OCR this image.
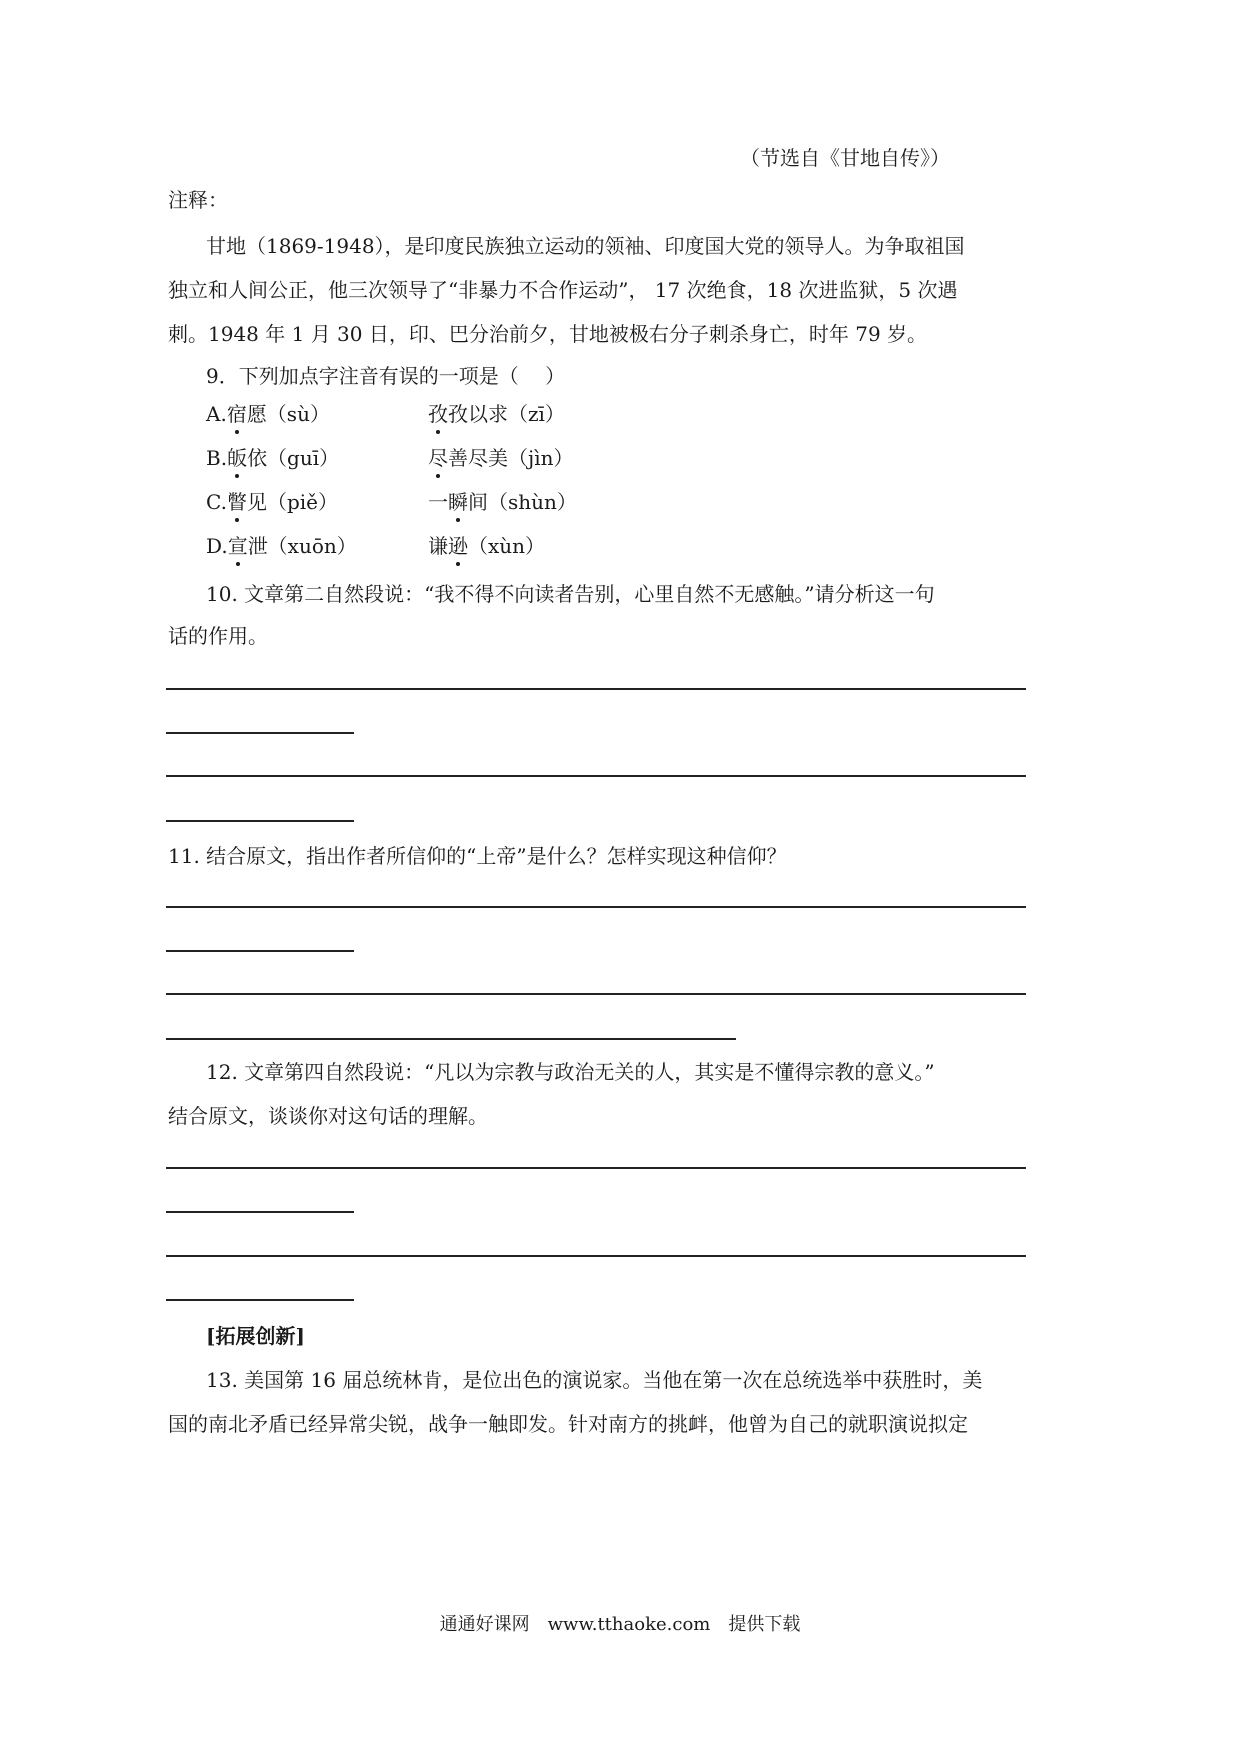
（节选自《甘地自传》）
注释：
甘地（1869-1948），是印度民族独立运动的领袖、印度国大党的领导人。为争取祖国
独立和人间公正，他三次领导了“非暴力不合作运动”， 17 次绝食，18 次进监狱，5 次遇
刺。1948 年 1 月 30 日，印、巴分治前夕，甘地被极右分子刺杀身亡，时年 79 岁。
9．下列加点字注音有误的一项是（　 ）
A.宿愿（sù）	孜孜以求（zī）
B.皈依（guī）	尽善尽美（jìn）
C.瞥见（piě）	一瞬间（shùn）
D.宣泄（xuōn）	谦逊（xùn）
10. 文章第二自然段说：“我不得不向读者告别，心里自然不无感触。”请分析这一句
话的作用。
11. 结合原文，指出作者所信仰的“上帝”是什么？怎样实现这种信仰？
12. 文章第四自然段说：“凡以为宗教与政治无关的人，其实是不懂得宗教的意义。”
结合原文，谈谈你对这句话的理解。
[拓展创新]
13. 美国第 16 届总统林肯，是位出色的演说家。当他在第一次在总统选举中获胜时，美
国的南北矛盾已经异常尖锐，战争一触即发。针对南方的挑衅，他曾为自己的就职演说拟定
通通好课网　www.tthaoke.com　提供下载
